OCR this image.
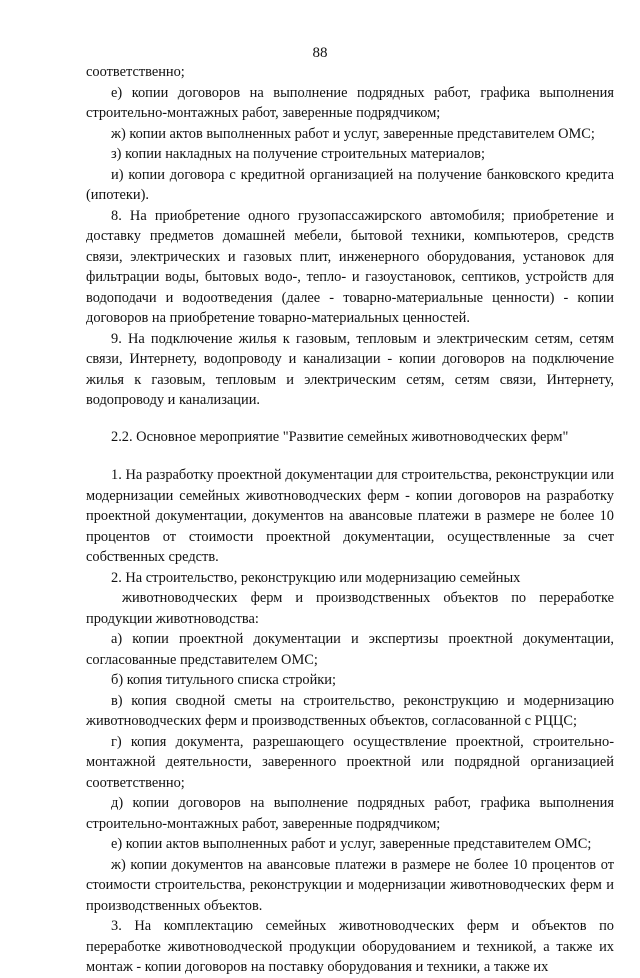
88

соответственно;

е) копии договоров на выполнение подрядных работ, графика выполнения строительно-монтажных работ, заверенные подрядчиком;

ж) копии актов выполненных работ и услуг, заверенные представителем ОМС;

з) копии накладных на получение строительных материалов;

и) копии договора с кредитной организацией на получение банковского кредита (ипотеки).

8. На приобретение одного грузопассажирского автомобиля; приобретение и доставку предметов домашней мебели, бытовой техники, компьютеров, средств связи, электрических и газовых плит, инженерного оборудования, установок для фильтрации воды, бытовых водо-, тепло- и газоустановок, септиков, устройств для водоподачи и водоотведения (далее - товарно-материальные ценности) - копии договоров на приобретение товарно-материальных ценностей.

9. На подключение жилья к газовым, тепловым и электрическим сетям, сетям связи, Интернету, водопроводу и канализации - копии договоров на подключение жилья к газовым, тепловым и электрическим сетям, сетям связи, Интернету, водопроводу и канализации.

2.2. Основное мероприятие "Развитие семейных животноводческих ферм"

1. На разработку проектной документации для строительства, реконструкции или модернизации семейных животноводческих ферм - копии договоров на разработку проектной документации, документов на авансовые платежи в размере не более 10 процентов от стоимости проектной документации, осуществленные за счет собственных средств.

2. На строительство, реконструкцию или модернизацию семейных

животноводческих ферм и производственных объектов по переработке

продукции животноводства:

а) копии проектной документации и экспертизы проектной документации, согласованные представителем ОМС;

б) копия титульного списка стройки;

в) копия сводной сметы на строительство, реконструкцию и модернизацию животноводческих ферм и производственных объектов, согласованной с РЦЦС;

г) копия документа, разрешающего осуществление проектной, строительно-монтажной деятельности, заверенного проектной или подрядной организацией соответственно;

д) копии договоров на выполнение подрядных работ, графика выполнения строительно-монтажных работ, заверенные подрядчиком;

е) копии актов выполненных работ и услуг, заверенные представителем ОМС;

ж) копии документов на авансовые платежи в размере не более 10 процентов от стоимости строительства, реконструкции и модернизации животноводческих ферм и производственных объектов.

3. На комплектацию семейных животноводческих ферм и объектов по переработке животноводческой продукции оборудованием и техникой, а также их монтаж - копии договоров на поставку оборудования и техники, а также их
